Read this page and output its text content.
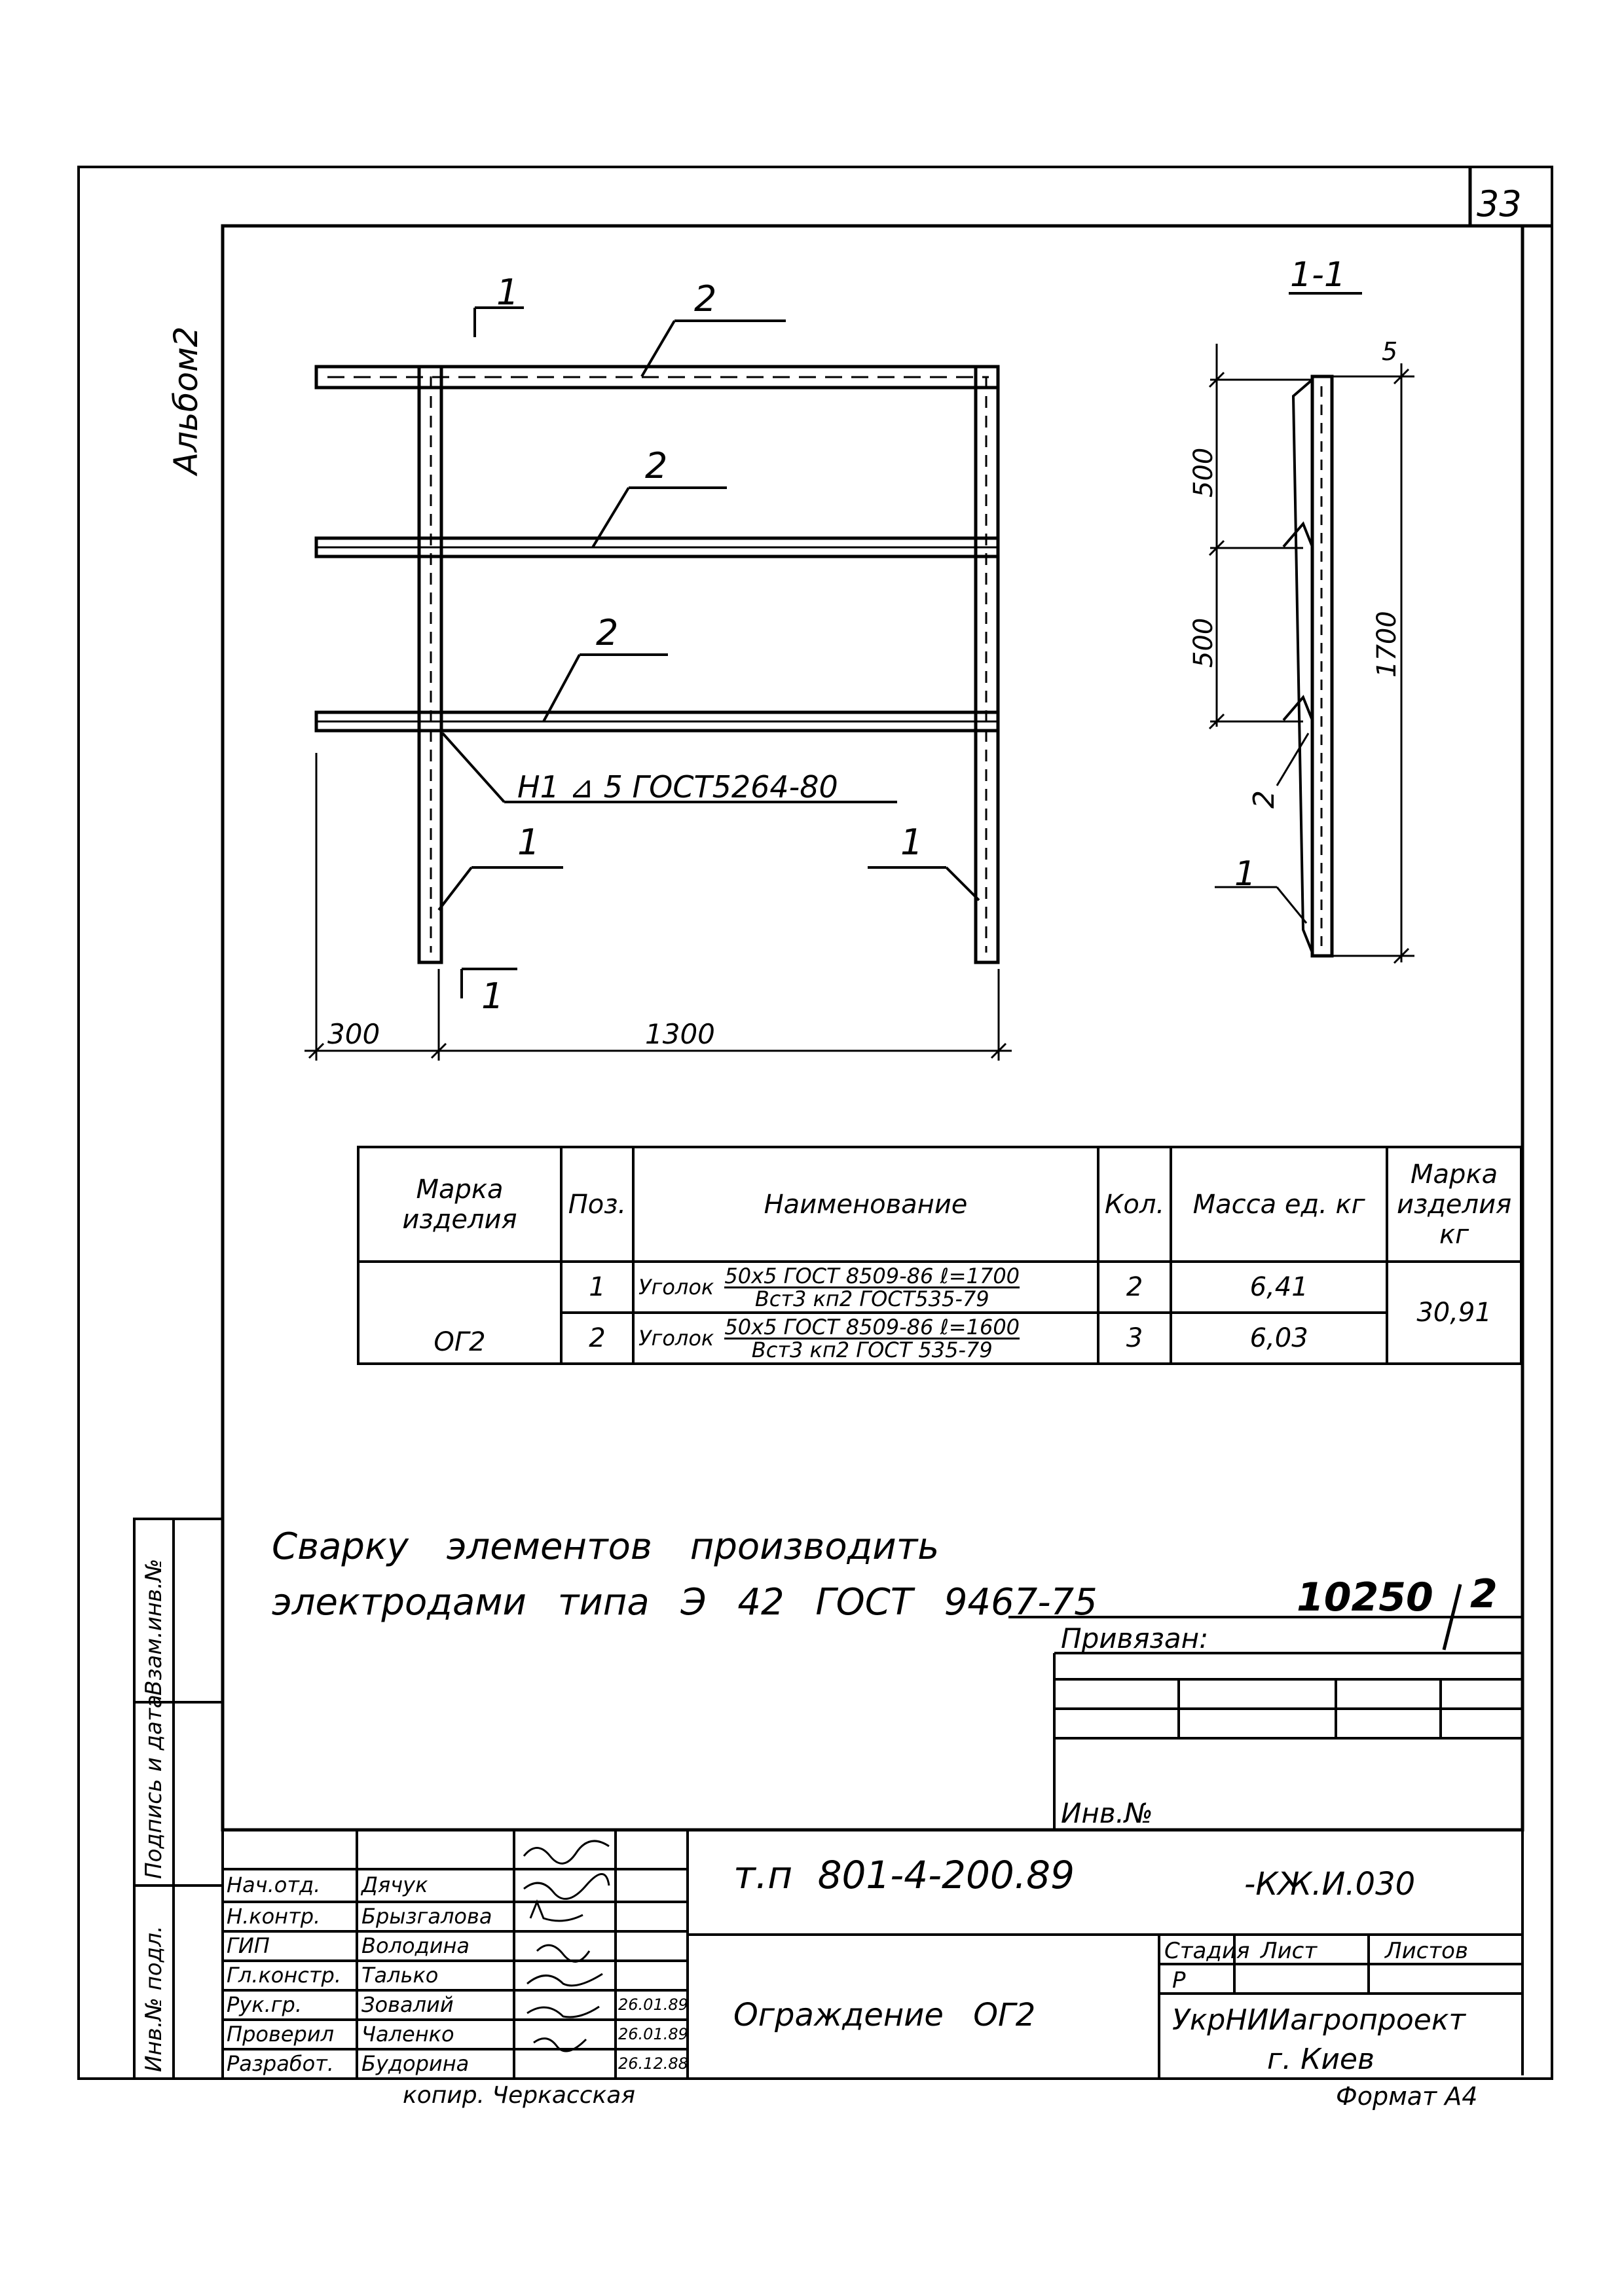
33
Альбом2
1
1
2
2
2
Н1 ⊿ 5 ГОСТ5264-80
1	1
300	1300
1-1
5
500
500	1700
2
1
Марка изделия	Поз.	Наименование	Кол.	Масса ед. кг	Марка изделия кг
ОГ2	1	Уголок 50х5 ГОСТ 8509-86 ℓ=1700
Вст3 кп2 ГОСТ535-79	2	6,41	30,91
	2	Уголок 50х5 ГОСТ 8509-86 ℓ=1600
Вст3 кп2 ГОСТ 535-79	3	6,03	
Сварку элементов производить
электродами типа Э 42 ГОСТ 9467-75	10250 2
Привязан:
Инв.№
Инв.№ подл.
Подпись и дата
Взам.инв.№
т.п 801-4-200.89	-КЖ.И.030
Ограждение ОГ2
Стадия Лист	Листов
Р
УкрНИИагропроект
г. Киев
Нач.отд. Дячук
Н.контр. Брызгалова
ГИП	Володина
Гл.констр. Талько
Рук.гр.	Зовалий	26.01.89
Проверил Чаленко	26.01.89
Разработ. Будорина	26.12.88
копир. Черкасская	Формат А4
